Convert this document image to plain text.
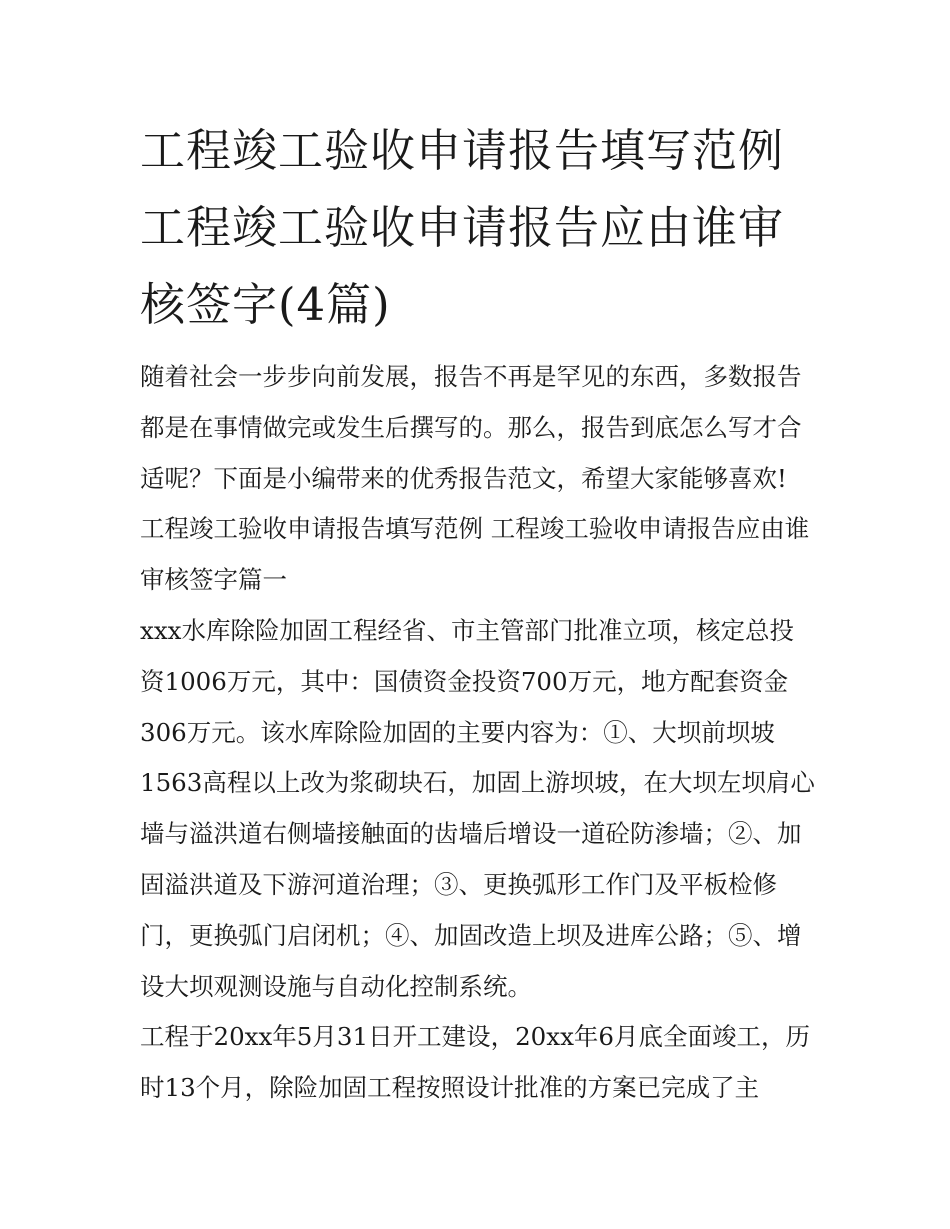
工程竣工验收申请报告填写范例 工程竣工验收申请报告应由谁审核签字(4篇)

随着社会一步步向前发展，报告不再是罕见的东西，多数报告都是在事情做完或发生后撰写的。那么，报告到底怎么写才合适呢？下面是小编带来的优秀报告范文，希望大家能够喜欢!

工程竣工验收申请报告填写范例 工程竣工验收申请报告应由谁审核签字篇一

xxx水库除险加固工程经省、市主管部门批准立项，核定总投资1006万元，其中：国债资金投资700万元，地方配套资金306万元。该水库除险加固的主要内容为：①、大坝前坝坡1563高程以上改为浆砌块石，加固上游坝坡，在大坝左坝肩心墙与溢洪道右侧墙接触面的齿墙后增设一道砼防渗墙；②、加固溢洪道及下游河道治理；③、更换弧形工作门及平板检修门，更换弧门启闭机；④、加固改造上坝及进库公路；⑤、增设大坝观测设施与自动化控制系统。

工程于20xx年5月31日开工建设，20xx年6月底全面竣工，历时13个月，除险加固工程按照设计批准的方案已完成了主
